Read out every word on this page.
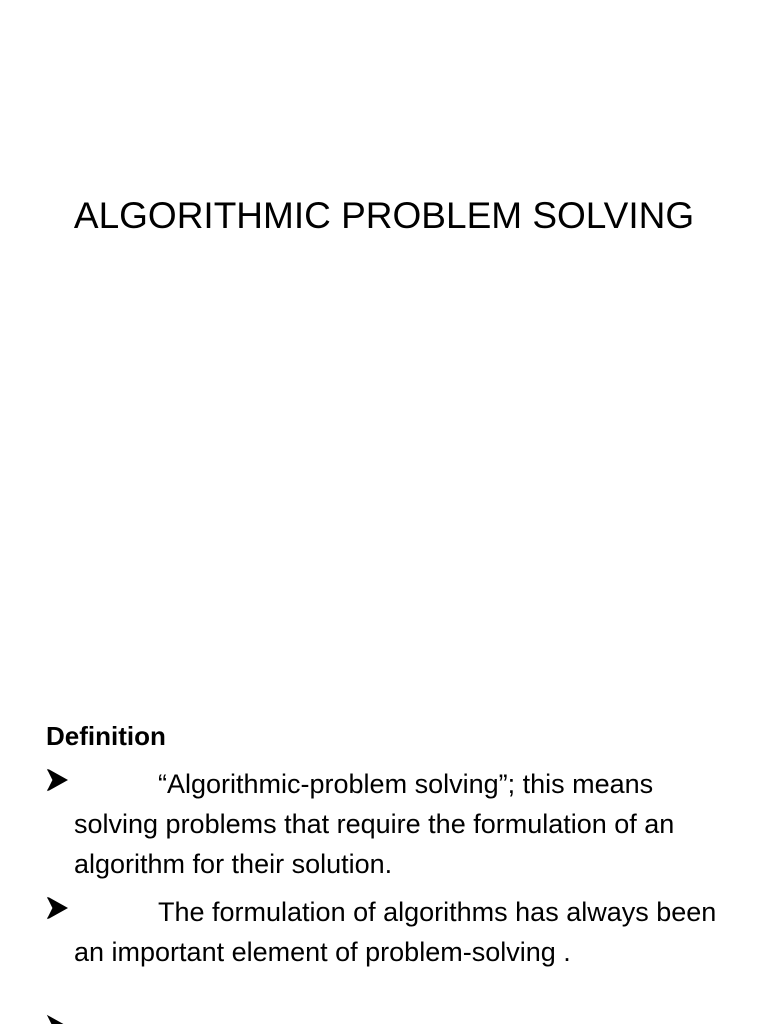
ALGORITHMIC PROBLEM SOLVING
Definition
“Algorithmic-problem solving”; this means solving problems that require the formulation of an algorithm for their solution.
The formulation of algorithms has always been an important element of problem-solving .
